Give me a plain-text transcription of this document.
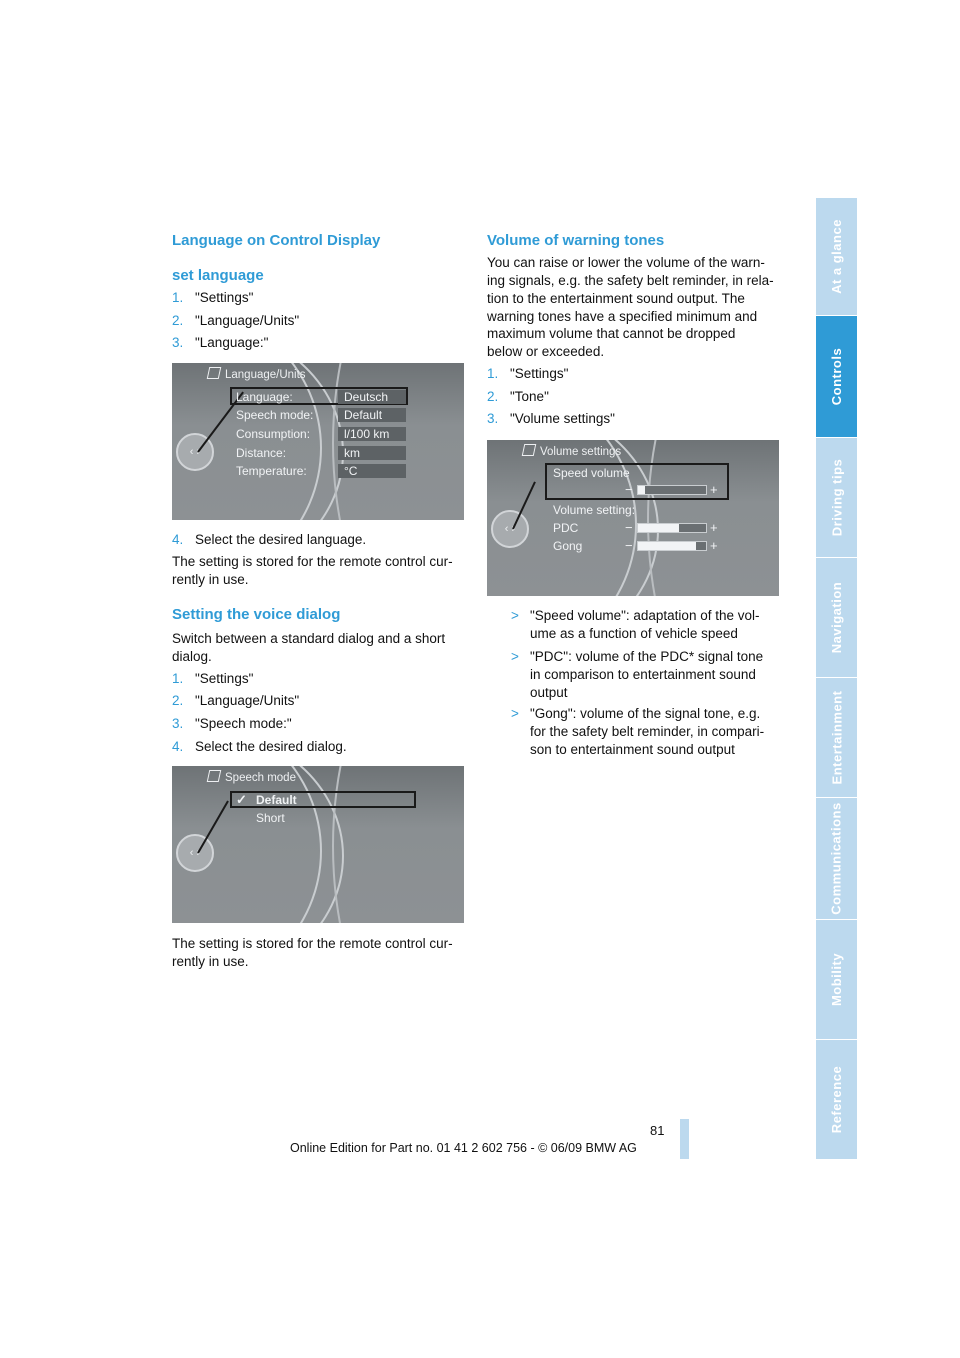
Language on Control Display
set language
1. "Settings"
2. "Language/Units"
3. "Language:"
‹ ›
Language/Units
Language:	Deutsch
Speech mode:	Default
Consumption:	l/100 km
Distance:	km
Temperature:	°C
4. Select the desired language.
The setting is stored for the remote control cur-
rently in use.
Setting the voice dialog
Switch between a standard dialog and a short
dialog.
1. "Settings"
2. "Language/Units"
3. "Speech mode:"
4. Select the desired dialog.
‹ ›
Speech mode
✓ Default
Short
The setting is stored for the remote control cur-
rently in use.
Volume of warning tones
You can raise or lower the volume of the warn-
ing signals, e.g. the safety belt reminder, in rela-
tion to the entertainment sound output. The
warning tones have a specified minimum and
maximum volume that cannot be dropped
below or exceeded.
1. "Settings"
2. "Tone"
3. "Volume settings"
‹ ›
Volume settings
Speed volume
−	+
Volume setting:
PDC	−	+
Gong	−	+
> "Speed volume": adaptation of the vol-
ume as a function of vehicle speed
> "PDC": volume of the PDC* signal tone
in comparison to entertainment sound
output
> "Gong": volume of the signal tone, e.g.
for the safety belt reminder, in compari-
son to entertainment sound output
At a glance
Controls
Driving tips
Navigation
Entertainment
Communications
Mobility
Reference
81
Online Edition for Part no. 01 41 2 602 756 - © 06/09 BMW AG
